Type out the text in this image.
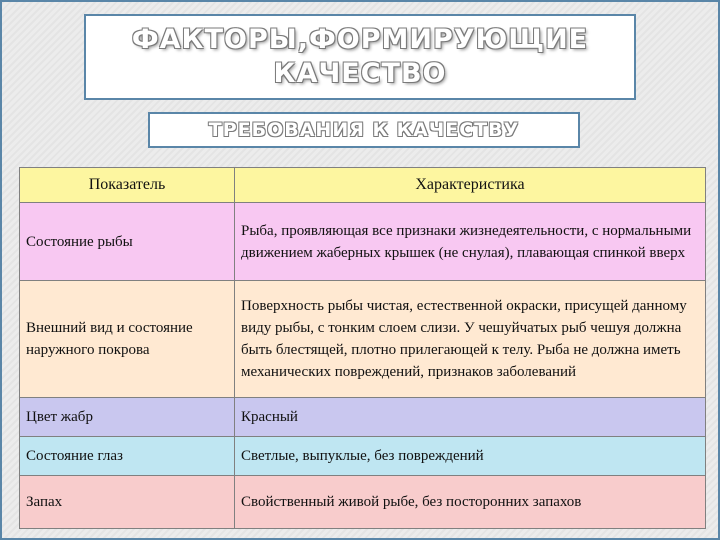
ФАКТОРЫ,ФОРМИРУЮЩИЕ
КАЧЕСТВО
ТРЕБОВАНИЯ К КАЧЕСТВУ
Показатель	Характеристика
Состояние рыбы	Рыба, проявляющая все признаки жизнедеятельности, с нормальными движением жаберных крышек (не снулая), плавающая спинкой вверх
Внешний вид и состояние наружного покрова	Поверхность рыбы чистая, естественной окраски, присущей данному виду рыбы, с тонким слоем слизи. У чешуйчатых рыб чешуя должна быть блестящей, плотно прилегающей к телу. Рыба не должна иметь механических повреждений, признаков заболеваний
Цвет жабр	Красный
Состояние глаз	Светлые, выпуклые, без повреждений
Запах	Свойственный живой рыбе, без посторонних запахов
